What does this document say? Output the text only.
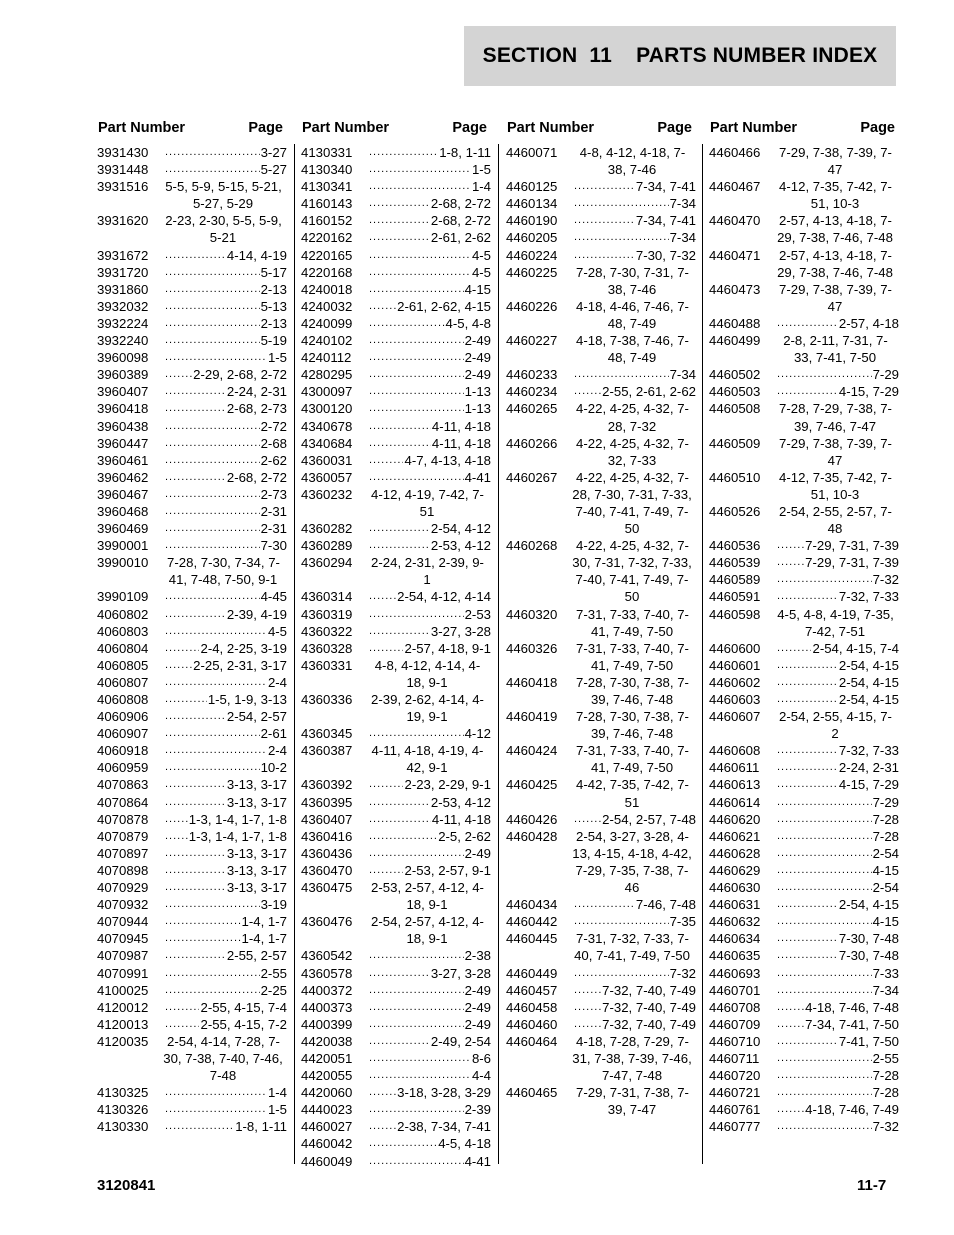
SECTION  11    PARTS NUMBER INDEX
Part Number	Page
3931430 .....	3-27
3931448 .....	5-27
3931516	5-5, 5-9, 5-15, 5-21, 5-27, 5-29
3931620	2-23, 2-30, 5-5, 5-9, 5-21
3931672 .....	4-14, 4-19
3931720 .....	5-17
3931860 .....	2-13
3932032 .....	5-13
3932224 .....	2-13
3932240 .....	5-19
3960098 .....	1-5
3960389 .....	2-29, 2-68, 2-72
3960407 .....	2-24, 2-31
3960418 .....	2-68, 2-73
3960438 .....	2-72
3960447 .....	2-68
3960461 .....	2-62
3960462 .....	2-68, 2-72
3960467 .....	2-73
3960468 .....	2-31
3960469 .....	2-31
3990001 .....	7-30
3990010	7-28, 7-30, 7-34, 7-41, 7-48, 7-50, 9-1
3990109 .....	4-45
4060802 .....	2-39, 4-19
4060803 .....	4-5
4060804 .....	2-4, 2-25, 3-19
4060805 .....	2-25, 2-31, 3-17
4060807 .....	2-4
4060808 .....	1-5, 1-9, 3-13
4060906 .....	2-54, 2-57
4060907 .....	2-61
4060918 .....	2-4
4060959 .....	10-2
4070863 .....	3-13, 3-17
4070864 .....	3-13, 3-17
4070878 .....	1-3, 1-4, 1-7, 1-8
4070879 .....	1-3, 1-4, 1-7, 1-8
4070897 .....	3-13, 3-17
4070898 .....	3-13, 3-17
4070929 .....	3-13, 3-17
4070932 .....	3-19
4070944 .....	1-4, 1-7
4070945 .....	1-4, 1-7
4070987 .....	2-55, 2-57
4070991 .....	2-55
4100025 .....	2-25
4120012 .....	2-55, 4-15, 7-4
4120013 .....	2-55, 4-15, 7-2
4120035	2-54, 4-14, 7-28, 7-30, 7-38, 7-40, 7-46, 7-48
4130325 .....	1-4
4130326 .....	1-5
4130330 .....	1-8, 1-11
Part Number	Page
4130331 .....	1-8, 1-11
4130340 .....	1-5
4130341 .....	1-4
4160143 .....	2-68, 2-72
4160152 .....	2-68, 2-72
4220162 .....	2-61, 2-62
4220165 .....	4-5
4220168 .....	4-5
4240018 .....	4-15
4240032 .....	2-61, 2-62, 4-15
4240099 .....	4-5, 4-8
4240102 .....	2-49
4240112 .....	2-49
4280295 .....	2-49
4300097 .....	1-13
4300120 .....	1-13
4340678 .....	4-11, 4-18
4340684 .....	4-11, 4-18
4360031 .....	4-7, 4-13, 4-18
4360057 .....	4-41
4360232	4-12, 4-19, 7-42, 7-51
4360282 .....	2-54, 4-12
4360289 .....	2-53, 4-12
4360294	2-24, 2-31, 2-39, 9-1
4360314 .....	2-54, 4-12, 4-14
4360319 .....	2-53
4360322 .....	3-27, 3-28
4360328 .....	2-57, 4-18, 9-1
4360331	4-8, 4-12, 4-14, 4-18, 9-1
4360336	2-39, 2-62, 4-14, 4-19, 9-1
4360345 .....	4-12
4360387	4-11, 4-18, 4-19, 4-42, 9-1
4360392 .....	2-23, 2-29, 9-1
4360395 .....	2-53, 4-12
4360407 .....	4-11, 4-18
4360416 .....	2-5, 2-62
4360436 .....	2-49
4360470 .....	2-53, 2-57, 9-1
4360475	2-53, 2-57, 4-12, 4-18, 9-1
4360476	2-54, 2-57, 4-12, 4-18, 9-1
4360542 .....	2-38
4360578 .....	3-27, 3-28
4400372 .....	2-49
4400373 .....	2-49
4400399 .....	2-49
4420038 .....	2-49, 2-54
4420051 .....	8-6
4420055 .....	4-4
4420060 .....	3-18, 3-28, 3-29
4440023 .....	2-39
4460027 .....	2-38, 7-34, 7-41
4460042 .....	4-5, 4-18
4460049 .....	4-41
Part Number	Page
4460071	4-8, 4-12, 4-18, 7-38, 7-46
4460125 .....	7-34, 7-41
4460134 .....	7-34
4460190 .....	7-34, 7-41
4460205 .....	7-34
4460224 .....	7-30, 7-32
4460225	7-28, 7-30, 7-31, 7-38, 7-46
4460226	4-18, 4-46, 7-46, 7-48, 7-49
4460227	4-18, 7-38, 7-46, 7-48, 7-49
4460233 .....	7-34
4460234 .....	2-55, 2-61, 2-62
4460265	4-22, 4-25, 4-32, 7-28, 7-32
4460266	4-22, 4-25, 4-32, 7-32, 7-33
4460267	4-22, 4-25, 4-32, 7-28, 7-30, 7-31, 7-33, 7-40, 7-41, 7-49, 7-50
4460268	4-22, 4-25, 4-32, 7-30, 7-31, 7-32, 7-33, 7-40, 7-41, 7-49, 7-50
4460320	7-31, 7-33, 7-40, 7-41, 7-49, 7-50
4460326	7-31, 7-33, 7-40, 7-41, 7-49, 7-50
4460418	7-28, 7-30, 7-38, 7-39, 7-46, 7-48
4460419	7-28, 7-30, 7-38, 7-39, 7-46, 7-48
4460424	7-31, 7-33, 7-40, 7-41, 7-49, 7-50
4460425	4-42, 7-35, 7-42, 7-51
4460426 .....	2-54, 2-57, 7-48
4460428	2-54, 3-27, 3-28, 4-13, 4-15, 4-18, 4-42, 7-29, 7-35, 7-38, 7-46
4460434 .....	7-46, 7-48
4460442 .....	7-35
4460445	7-31, 7-32, 7-33, 7-40, 7-41, 7-49, 7-50
4460449 .....	7-32
4460457 .....	7-32, 7-40, 7-49
4460458 .....	7-32, 7-40, 7-49
4460460 .....	7-32, 7-40, 7-49
4460464	4-18, 7-28, 7-29, 7-31, 7-38, 7-39, 7-46, 7-47, 7-48
4460465	7-29, 7-31, 7-38, 7-39, 7-47
Part Number	Page
4460466	7-29, 7-38, 7-39, 7-47
4460467	4-12, 7-35, 7-42, 7-51, 10-3
4460470	2-57, 4-13, 4-18, 7-29, 7-38, 7-46, 7-48
4460471	2-57, 4-13, 4-18, 7-29, 7-38, 7-46, 7-48
4460473	7-29, 7-38, 7-39, 7-47
4460488 .....	2-57, 4-18
4460499	2-8, 2-11, 7-31, 7-33, 7-41, 7-50
4460502 .....	7-29
4460503 .....	4-15, 7-29
4460508	7-28, 7-29, 7-38, 7-39, 7-46, 7-47
4460509	7-29, 7-38, 7-39, 7-47
4460510	4-12, 7-35, 7-42, 7-51, 10-3
4460526	2-54, 2-55, 2-57, 7-48
4460536 .....	7-29, 7-31, 7-39
4460539 .....	7-29, 7-31, 7-39
4460589 .....	7-32
4460591 .....	7-32, 7-33
4460598	4-5, 4-8, 4-19, 7-35, 7-42, 7-51
4460600 .....	2-54, 4-15, 7-4
4460601 .....	2-54, 4-15
4460602 .....	2-54, 4-15
4460603 .....	2-54, 4-15
4460607	2-54, 2-55, 4-15, 7-2
4460608 .....	7-32, 7-33
4460611 .....	2-24, 2-31
4460613 .....	4-15, 7-29
4460614 .....	7-29
4460620 .....	7-28
4460621 .....	7-28
4460628 .....	2-54
4460629 .....	4-15
4460630 .....	2-54
4460631 .....	2-54, 4-15
4460632 .....	4-15
4460634 .....	7-30, 7-48
4460635 .....	7-30, 7-48
4460693 .....	7-33
4460701 .....	7-34
4460708 .....	4-18, 7-46, 7-48
4460709 .....	7-34, 7-41, 7-50
4460710 .....	7-41, 7-50
4460711 .....	2-55
4460720 .....	7-28
4460721 .....	7-28
4460761 .....	4-18, 7-46, 7-49
4460777 .....	7-32
3120841	11-7
